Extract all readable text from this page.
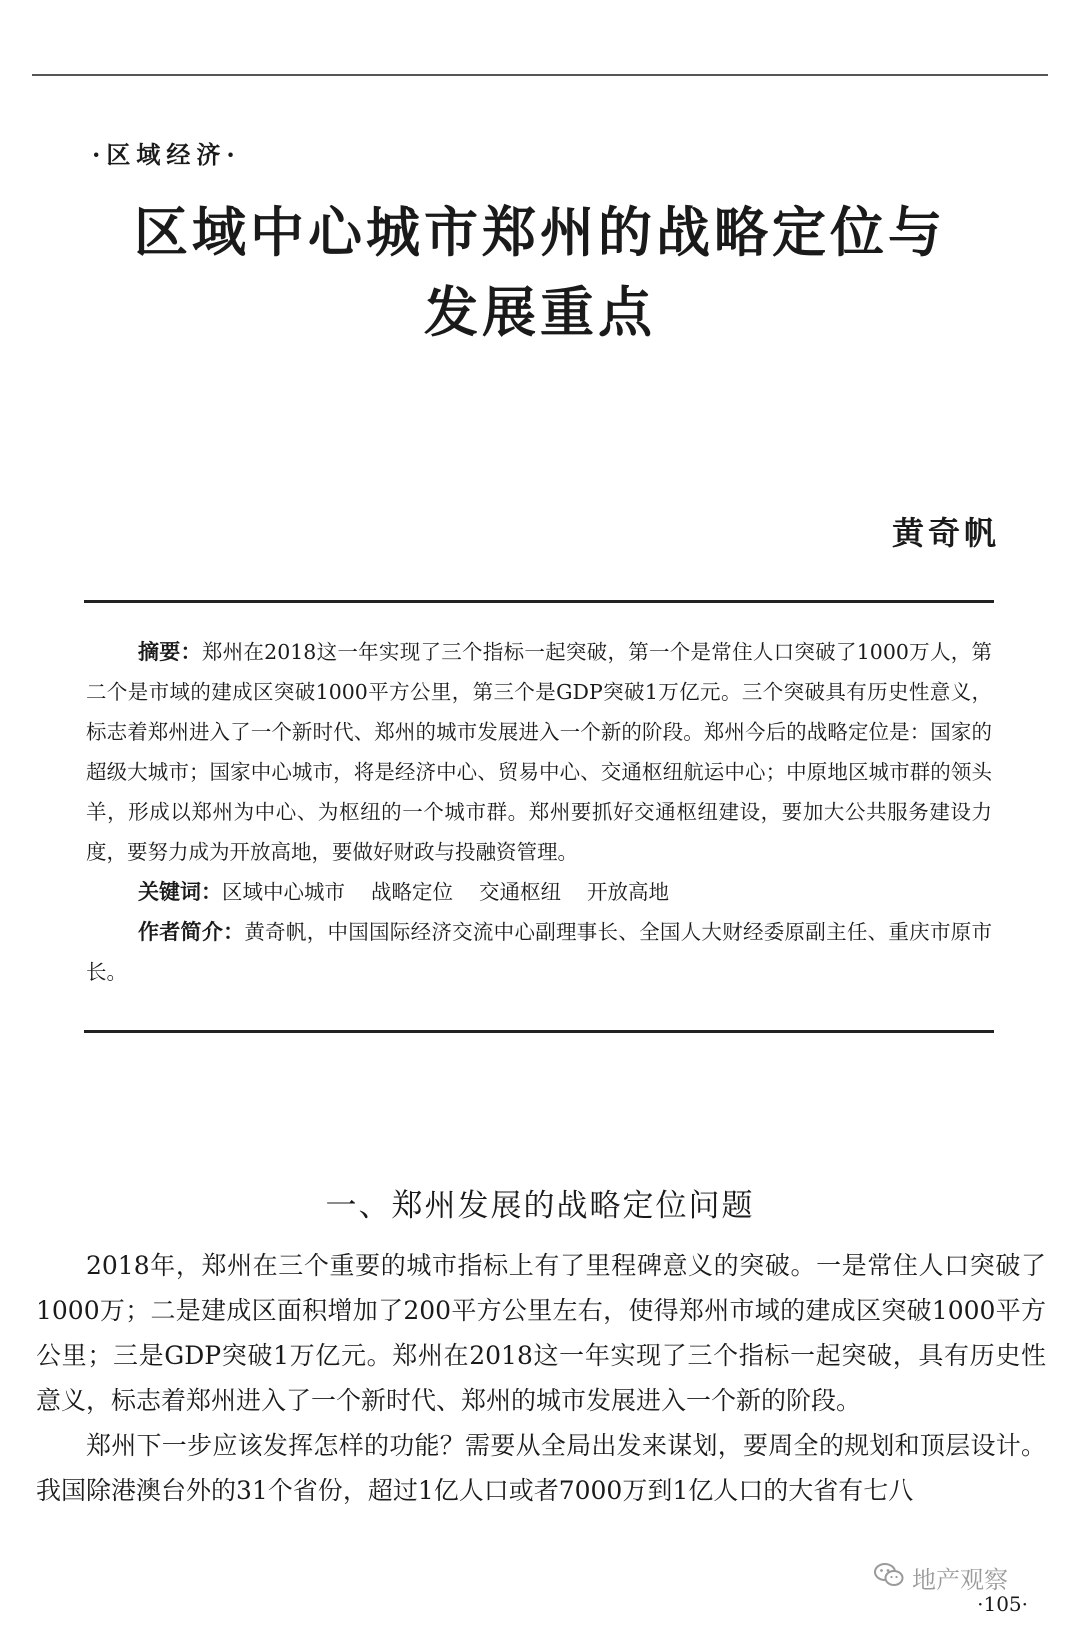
·区域经济·
区域中心城市郑州的战略定位与
发展重点
黄奇帆

摘要：郑州在2018这一年实现了三个指标一起突破，第一个是常住人口突破了1000万人，第二个是市域的建成区突破1000平方公里，第三个是GDP突破1万亿元。三个突破具有历史性意义，标志着郑州进入了一个新时代、郑州的城市发展进入一个新的阶段。郑州今后的战略定位是：国家的超级大城市；国家中心城市，将是经济中心、贸易中心、交通枢纽航运中心；中原地区城市群的领头羊，形成以郑州为中心、为枢纽的一个城市群。郑州要抓好交通枢纽建设，要加大公共服务建设力度，要努力成为开放高地，要做好财政与投融资管理。

关键词：区域中心城市 战略定位 交通枢纽 开放高地

作者简介：黄奇帆，中国国际经济交流中心副理事长、全国人大财经委原副主任、重庆市原市长。

一、郑州发展的战略定位问题

2018年，郑州在三个重要的城市指标上有了里程碑意义的突破。一是常住人口突破了1000万；二是建成区面积增加了200平方公里左右，使得郑州市域的建成区突破1000平方公里；三是GDP突破1万亿元。郑州在2018这一年实现了三个指标一起突破，具有历史性意义，标志着郑州进入了一个新时代、郑州的城市发展进入一个新的阶段。

郑州下一步应该发挥怎样的功能？需要从全局出发来谋划，要周全的规划和顶层设计。我国除港澳台外的31个省份，超过1亿人口或者7000万到1亿人口的大省有七八

地产观察
·105·
